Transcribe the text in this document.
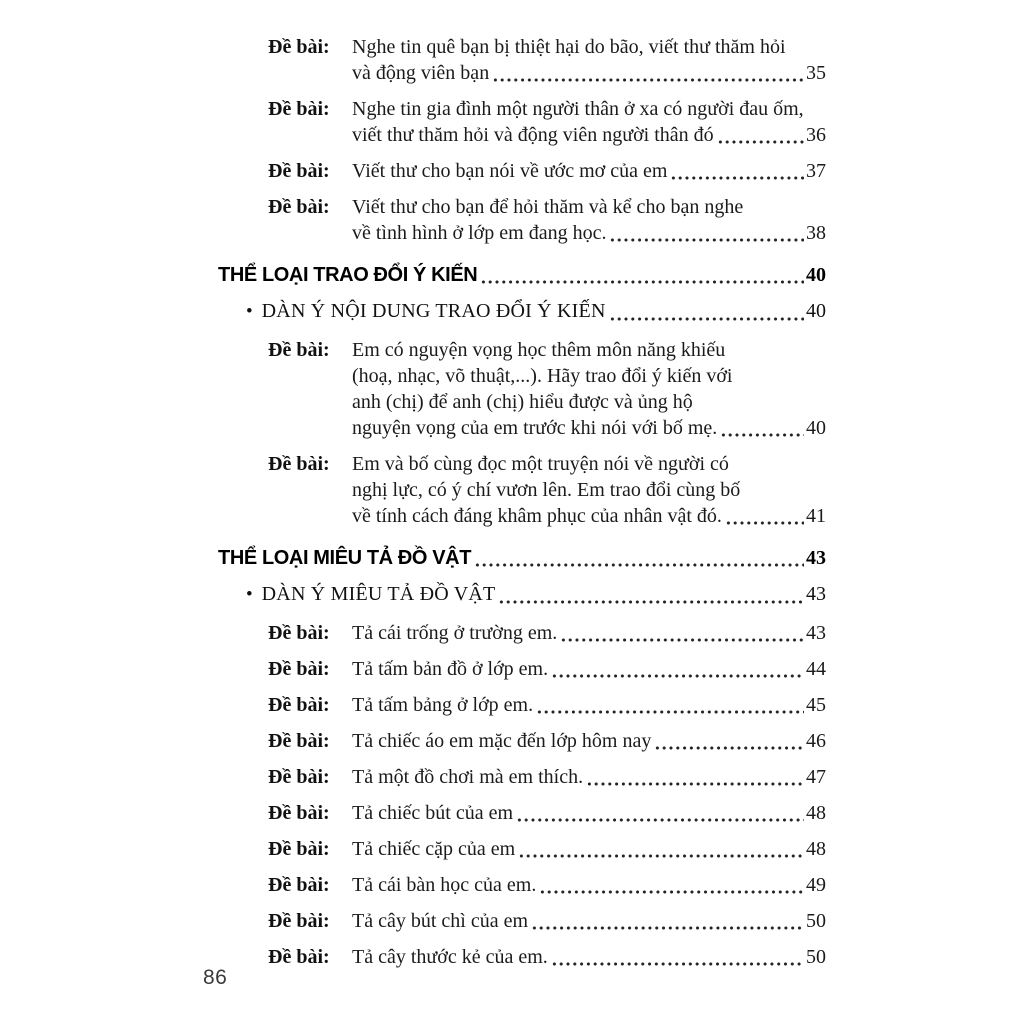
Đề bài:	Nghe tin quê bạn bị thiệt hại do bão, viết thư thăm hỏi
và động viên bạn	35
Đề bài:	Nghe tin gia đình một người thân ở xa có người đau ốm,
viết thư thăm hỏi và động viên người thân đó	36
Đề bài:	Viết thư cho bạn nói về ước mơ của em	37
Đề bài:	Viết thư cho bạn để hỏi thăm và kể cho bạn nghe
về tình hình ở lớp em đang học.	38
THỂ LOẠI TRAO ĐỔI Ý KIẾN	40
• DÀN Ý NỘI DUNG TRAO ĐỔI Ý KIẾN	40
Đề bài:	Em có nguyện vọng học thêm môn năng khiếu
(hoạ, nhạc, võ thuật,...). Hãy trao đổi ý kiến với
anh (chị) để anh (chị) hiểu được và ủng hộ
nguyện vọng của em trước khi nói với bố mẹ.	40
Đề bài:	Em và bố cùng đọc một truyện nói về người có
nghị lực, có ý chí vươn lên. Em trao đổi cùng bố
về tính cách đáng khâm phục của nhân vật đó.	41
THỂ LOẠI MIÊU TẢ ĐỒ VẬT	43
• DÀN Ý MIÊU TẢ ĐỒ VẬT	43
Đề bài:	Tả cái trống ở trường em.	43
Đề bài:	Tả tấm bản đồ ở lớp em.	44
Đề bài:	Tả tấm bảng ở lớp em.	45
Đề bài:	Tả chiếc áo em mặc đến lớp hôm nay	46
Đề bài:	Tả một đồ chơi mà em thích.	47
Đề bài:	Tả chiếc bút của em	48
Đề bài:	Tả chiếc cặp của em	48
Đề bài:	Tả cái bàn học của em.	49
Đề bài:	Tả cây bút chì của em	50
Đề bài:	Tả cây thước kẻ của em.	50
86
